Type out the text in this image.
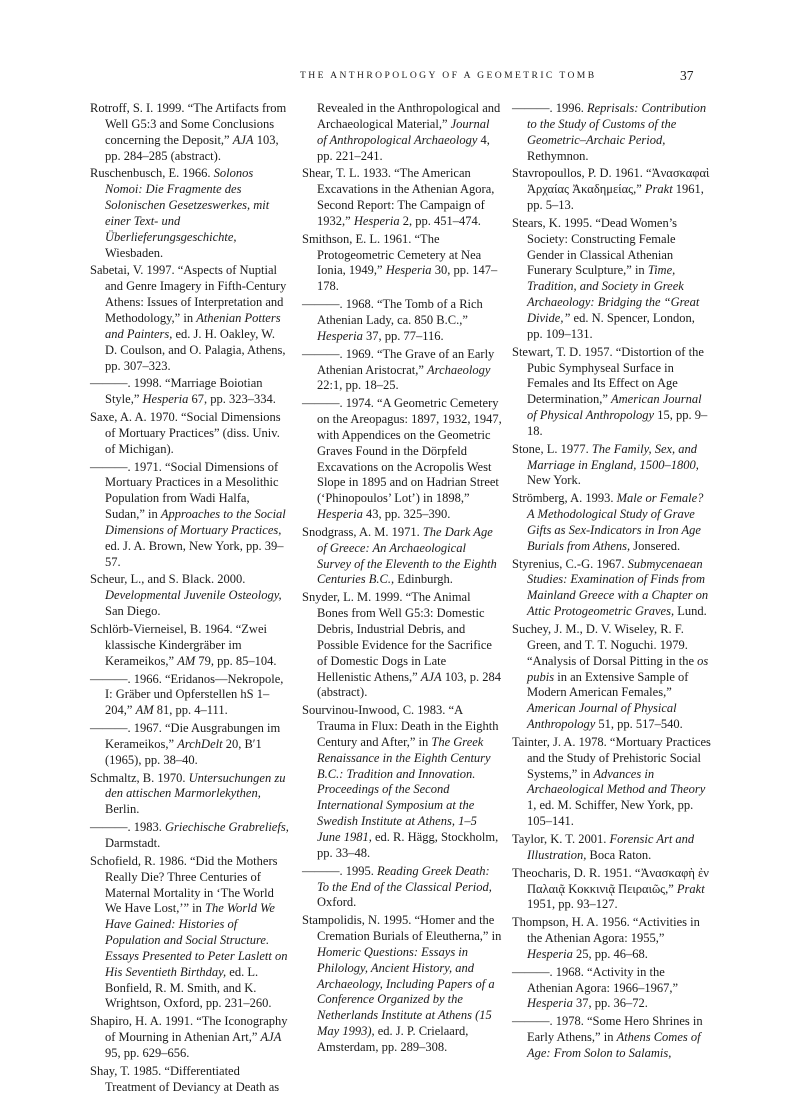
THE ANTHROPOLOGY OF A GEOMETRIC TOMB	37

Rotroff, S. I. 1999. “The Artifacts from Well G5:3 and Some Conclusions concerning the Deposit,” AJA 103, pp. 284–285 (abstract).

Ruschenbusch, E. 1966. Solonos Nomoi: Die Fragmente des Solonischen Gesetzeswerkes, mit einer Text- und Überlieferungsgeschichte, Wiesbaden.

Sabetai, V. 1997. “Aspects of Nuptial and Genre Imagery in Fifth-Century Athens: Issues of Interpretation and Methodology,” in Athenian Potters and Painters, ed. J. H. Oakley, W. D. Coulson, and O. Palagia, Athens, pp. 307–323.

———. 1998. “Marriage Boiotian Style,” Hesperia 67, pp. 323–334.

Saxe, A. A. 1970. “Social Dimensions of Mortuary Practices” (diss. Univ. of Michigan).

———. 1971. “Social Dimensions of Mortuary Practices in a Mesolithic Population from Wadi Halfa, Sudan,” in Approaches to the Social Dimensions of Mortuary Practices, ed. J. A. Brown, New York, pp. 39–57.

Scheur, L., and S. Black. 2000. Developmental Juvenile Osteology, San Diego.

Schlörb-Vierneisel, B. 1964. “Zwei klassische Kindergräber im Kerameikos,” AM 79, pp. 85–104.

———. 1966. “Eridanos—Nekropole, I: Gräber und Opferstellen hS 1–204,” AM 81, pp. 4–111.

———. 1967. “Die Ausgrabungen im Kerameikos,” ArchDelt 20, B′1 (1965), pp. 38–40.

Schmaltz, B. 1970. Untersuchungen zu den attischen Marmorlekythen, Berlin.

———. 1983. Griechische Grabreliefs, Darmstadt.

Schofield, R. 1986. “Did the Mothers Really Die? Three Centuries of Maternal Mortality in ‘The World We Have Lost,’” in The World We Have Gained: Histories of Population and Social Structure. Essays Presented to Peter Laslett on His Seventieth Birthday, ed. L. Bonfield, R. M. Smith, and K. Wrightson, Oxford, pp. 231–260.

Shapiro, H. A. 1991. “The Iconography of Mourning in Athenian Art,” AJA 95, pp. 629–656.

Shay, T. 1985. “Differentiated Treatment of Deviancy at Death as

Revealed in the Anthropological and Archaeological Material,” Journal of Anthropological Archaeology 4, pp. 221–241.

Shear, T. L. 1933. “The American Excavations in the Athenian Agora, Second Report: The Campaign of 1932,” Hesperia 2, pp. 451–474.

Smithson, E. L. 1961. “The Protogeometric Cemetery at Nea Ionia, 1949,” Hesperia 30, pp. 147–178.

———. 1968. “The Tomb of a Rich Athenian Lady, ca. 850 B.C.,” Hesperia 37, pp. 77–116.

———. 1969. “The Grave of an Early Athenian Aristocrat,” Archaeology 22:1, pp. 18–25.

———. 1974. “A Geometric Cemetery on the Areopagus: 1897, 1932, 1947, with Appendices on the Geometric Graves Found in the Dörpfeld Excavations on the Acropolis West Slope in 1895 and on Hadrian Street (‘Phinopoulos’ Lot’) in 1898,” Hesperia 43, pp. 325–390.

Snodgrass, A. M. 1971. The Dark Age of Greece: An Archaeological Survey of the Eleventh to the Eighth Centuries B.C., Edinburgh.

Snyder, L. M. 1999. “The Animal Bones from Well G5:3: Domestic Debris, Industrial Debris, and Possible Evidence for the Sacrifice of Domestic Dogs in Late Hellenistic Athens,” AJA 103, p. 284 (abstract).

Sourvinou-Inwood, C. 1983. “A Trauma in Flux: Death in the Eighth Century and After,” in The Greek Renaissance in the Eighth Century B.C.: Tradition and Innovation. Proceedings of the Second International Symposium at the Swedish Institute at Athens, 1–5 June 1981, ed. R. Hägg, Stockholm, pp. 33–48.

———. 1995. Reading Greek Death: To the End of the Classical Period, Oxford.

Stampolidis, N. 1995. “Homer and the Cremation Burials of Eleutherna,” in Homeric Questions: Essays in Philology, Ancient History, and Archaeology, Including Papers of a Conference Organized by the Netherlands Institute at Athens (15 May 1993), ed. J. P. Crielaard, Amsterdam, pp. 289–308.

———. 1996. Reprisals: Contribution to the Study of Customs of the Geometric–Archaic Period, Rethymnon.

Stavropoullos, P. D. 1961. “Ἀνασκαφαὶ Ἀρχαίας Ἀκαδημείας,” Prakt 1961, pp. 5–13.

Stears, K. 1995. “Dead Women’s Society: Constructing Female Gender in Classical Athenian Funerary Sculpture,” in Time, Tradition, and Society in Greek Archaeology: Bridging the “Great Divide,” ed. N. Spencer, London, pp. 109–131.

Stewart, T. D. 1957. “Distortion of the Pubic Symphyseal Surface in Females and Its Effect on Age Determination,” American Journal of Physical Anthropology 15, pp. 9–18.

Stone, L. 1977. The Family, Sex, and Marriage in England, 1500–1800, New York.

Strömberg, A. 1993. Male or Female? A Methodological Study of Grave Gifts as Sex-Indicators in Iron Age Burials from Athens, Jonsered.

Styrenius, C.-G. 1967. Submycenaean Studies: Examination of Finds from Mainland Greece with a Chapter on Attic Protogeometric Graves, Lund.

Suchey, J. M., D. V. Wiseley, R. F. Green, and T. T. Noguchi. 1979. “Analysis of Dorsal Pitting in the os pubis in an Extensive Sample of Modern American Females,” American Journal of Physical Anthropology 51, pp. 517–540.

Tainter, J. A. 1978. “Mortuary Practices and the Study of Prehistoric Social Systems,” in Advances in Archaeological Method and Theory 1, ed. M. Schiffer, New York, pp. 105–141.

Taylor, K. T. 2001. Forensic Art and Illustration, Boca Raton.

Theocharis, D. R. 1951. “Ἀνασκαφὴ ἐν Παλαιᾷ Κοκκινιᾷ Πειραιῶς,” Prakt 1951, pp. 93–127.

Thompson, H. A. 1956. “Activities in the Athenian Agora: 1955,” Hesperia 25, pp. 46–68.

———. 1968. “Activity in the Athenian Agora: 1966–1967,” Hesperia 37, pp. 36–72.

———. 1978. “Some Hero Shrines in Early Athens,” in Athens Comes of Age: From Solon to Salamis,
